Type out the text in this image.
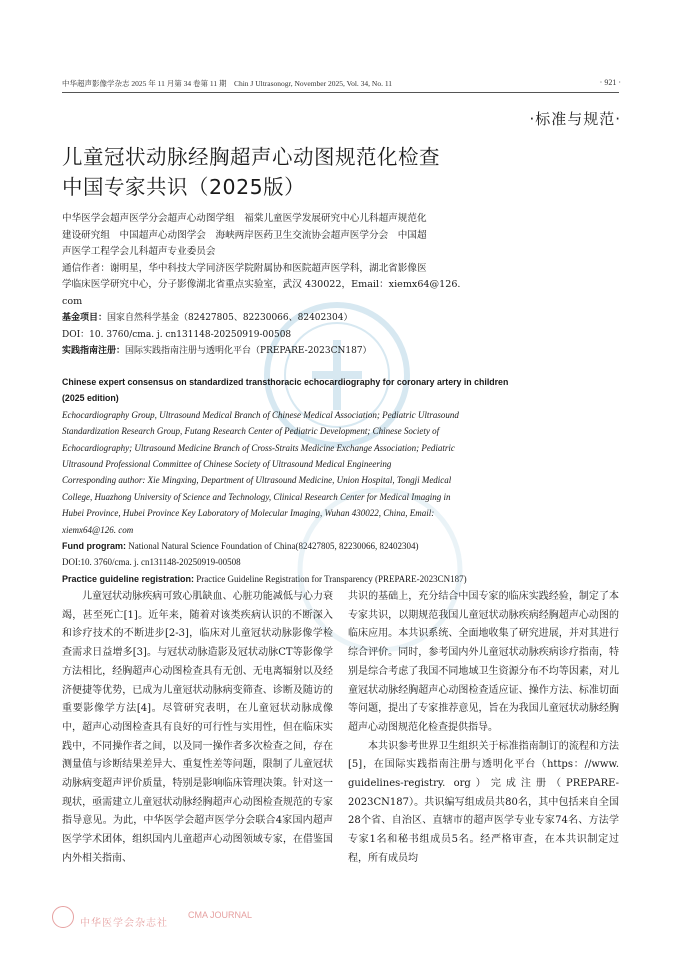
中华超声影像学杂志 2025 年 11 月第 34 卷第 11 期　Chin J Ultrasonogr, November 2025, Vol. 34, No. 11	· 921 ·
·标准与规范·
儿童冠状动脉经胸超声心动图规范化检查
中国专家共识（2025版）

中华医学会超声医学分会超声心动图学组　福棠儿童医学发展研究中心儿科超声规范化

建设研究组　中国超声心动图学会　海峡两岸医药卫生交流协会超声医学分会　中国超

声医学工程学会儿科超声专业委员会

通信作者：谢明星，华中科技大学同济医学院附属协和医院超声医学科，湖北省影像医

学临床医学研究中心，分子影像湖北省重点实验室，武汉 430022，Email：xiemx64@126.

com

基金项目：国家自然科学基金（82427805、82230066、82402304）

DOI：10. 3760/cma. j. cn131148-20250919-00508

实践指南注册：国际实践指南注册与透明化平台（PREPARE-2023CN187）

Chinese expert consensus on standardized transthoracic echocardiography for coronary artery in children

(2025 edition)

Echocardiography Group, Ultrasound Medical Branch of Chinese Medical Association; Pediatric Ultrasound

Standardization Research Group, Futang Research Center of Pediatric Development; Chinese Society of

Echocardiography; Ultrasound Medicine Branch of Cross-Straits Medicine Exchange Association; Pediatric

Ultrasound Professional Committee of Chinese Society of Ultrasound Medical Engineering

Corresponding author: Xie Mingxing, Department of Ultrasound Medicine, Union Hospital, Tongji Medical

College, Huazhong University of Science and Technology, Clinical Research Center for Medical Imaging in

Hubei Province, Hubei Province Key Laboratory of Molecular Imaging, Wuhan 430022, China, Email:

xiemx64@126. com

Fund program: National Natural Science Foundation of China(82427805, 82230066, 82402304)

DOI:10. 3760/cma. j. cn131148-20250919-00508

Practice guideline registration: Practice Guideline Registration for Transparency (PREPARE-2023CN187)

儿童冠状动脉疾病可致心肌缺血、心脏功能减低与心力衰竭，甚至死亡[1]。近年来，随着对该类疾病认识的不断深入和诊疗技术的不断进步[2-3]，临床对儿童冠状动脉影像学检查需求日益增多[3]。与冠状动脉造影及冠状动脉CT等影像学方法相比，经胸超声心动图检查具有无创、无电离辐射以及经济便捷等优势，已成为儿童冠状动脉病变筛查、诊断及随访的重要影像学方法[4]。尽管研究表明，在儿童冠状动脉成像中，超声心动图检查具有良好的可行性与实用性，但在临床实践中，不同操作者之间，以及同一操作者多次检查之间，存在测量值与诊断结果差异大、重复性差等问题，限制了儿童冠状动脉病变超声评价质量，特别是影响临床管理决策。针对这一现状，亟需建立儿童冠状动脉经胸超声心动图检查规范的专家指导意见。为此，中华医学会超声医学分会联合4家国内超声医学学术团体，组织国内儿童超声心动图领域专家，在借鉴国内外相关指南、

共识的基础上，充分结合中国专家的临床实践经验，制定了本专家共识，以期规范我国儿童冠状动脉疾病经胸超声心动图的临床应用。本共识系统、全面地收集了研究进展，并对其进行综合评价。同时，参考国内外儿童冠状动脉疾病诊疗指南，特别是综合考虑了我国不同地域卫生资源分布不均等因素，对儿童冠状动脉经胸超声心动图检查适应证、操作方法、标准切面等问题，提出了专家推荐意见，旨在为我国儿童冠状动脉经胸超声心动图规范化检查提供指导。

本共识参考世界卫生组织关于标准指南制订的流程和方法[5]，在国际实践指南注册与透明化平台（https：//www. guidelines-registry. org）完成注册（PREPARE-2023CN187）。共识编写组成员共80名，其中包括来自全国28个省、自治区、直辖市的超声医学专业专家74名、方法学专家1名和秘书组成员5名。经严格审查，在本共识制定过程，所有成员均

中华医学会杂志社
CMA JOURNAL
